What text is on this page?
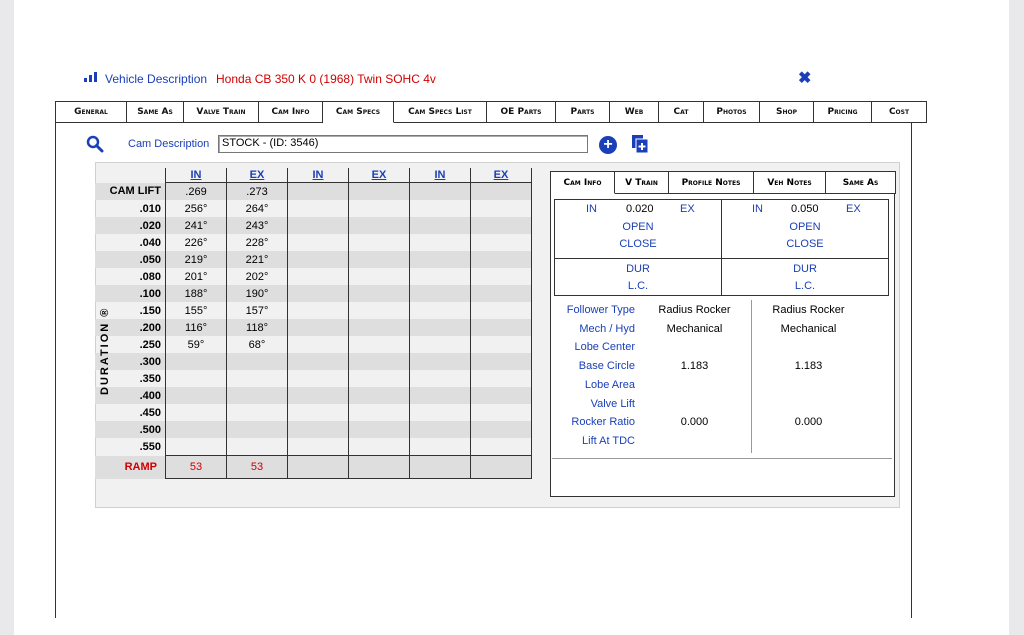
Vehicle Description Honda CB 350 K 0 (1968) Twin SOHC 4v	✖
General	Same As	Valve Train	Cam Info	Cam Specs	Cam Specs List	OE Parts	Parts	Web	Cat	Photos	Shop	Pricing	Cost
Cam Description	STOCK - (ID: 3546)	+
	IN	EX	IN	EX	IN	EX
CAM LIFT	.269	.273				
.010	256°	264°				
.020	241°	243°				
.040	226°	228°				
.050	219°	221°				
.080	201°	202°				
.100	188°	190°				
.150	155°	157°				
.200	116°	118°				
.250	59°	68°				
.300						
.350						
.400						
.450						
.500						
.550						
RAMP	53	53				
DURATION ®
Cam Info	V Train	Profile Notes	Veh Notes	Same As
IN	0.020 EX	IN	0.050 EX
OPEN	OPEN
CLOSE	CLOSE
DUR	DUR
L.C.	L.C.
Follower Type	Radius Rocker	Radius Rocker
Mech / Hyd	Mechanical	Mechanical
Lobe Center
Base Circle	1.183	1.183
Lobe Area
Valve Lift
Rocker Ratio	0.000	0.000
Lift At TDC
